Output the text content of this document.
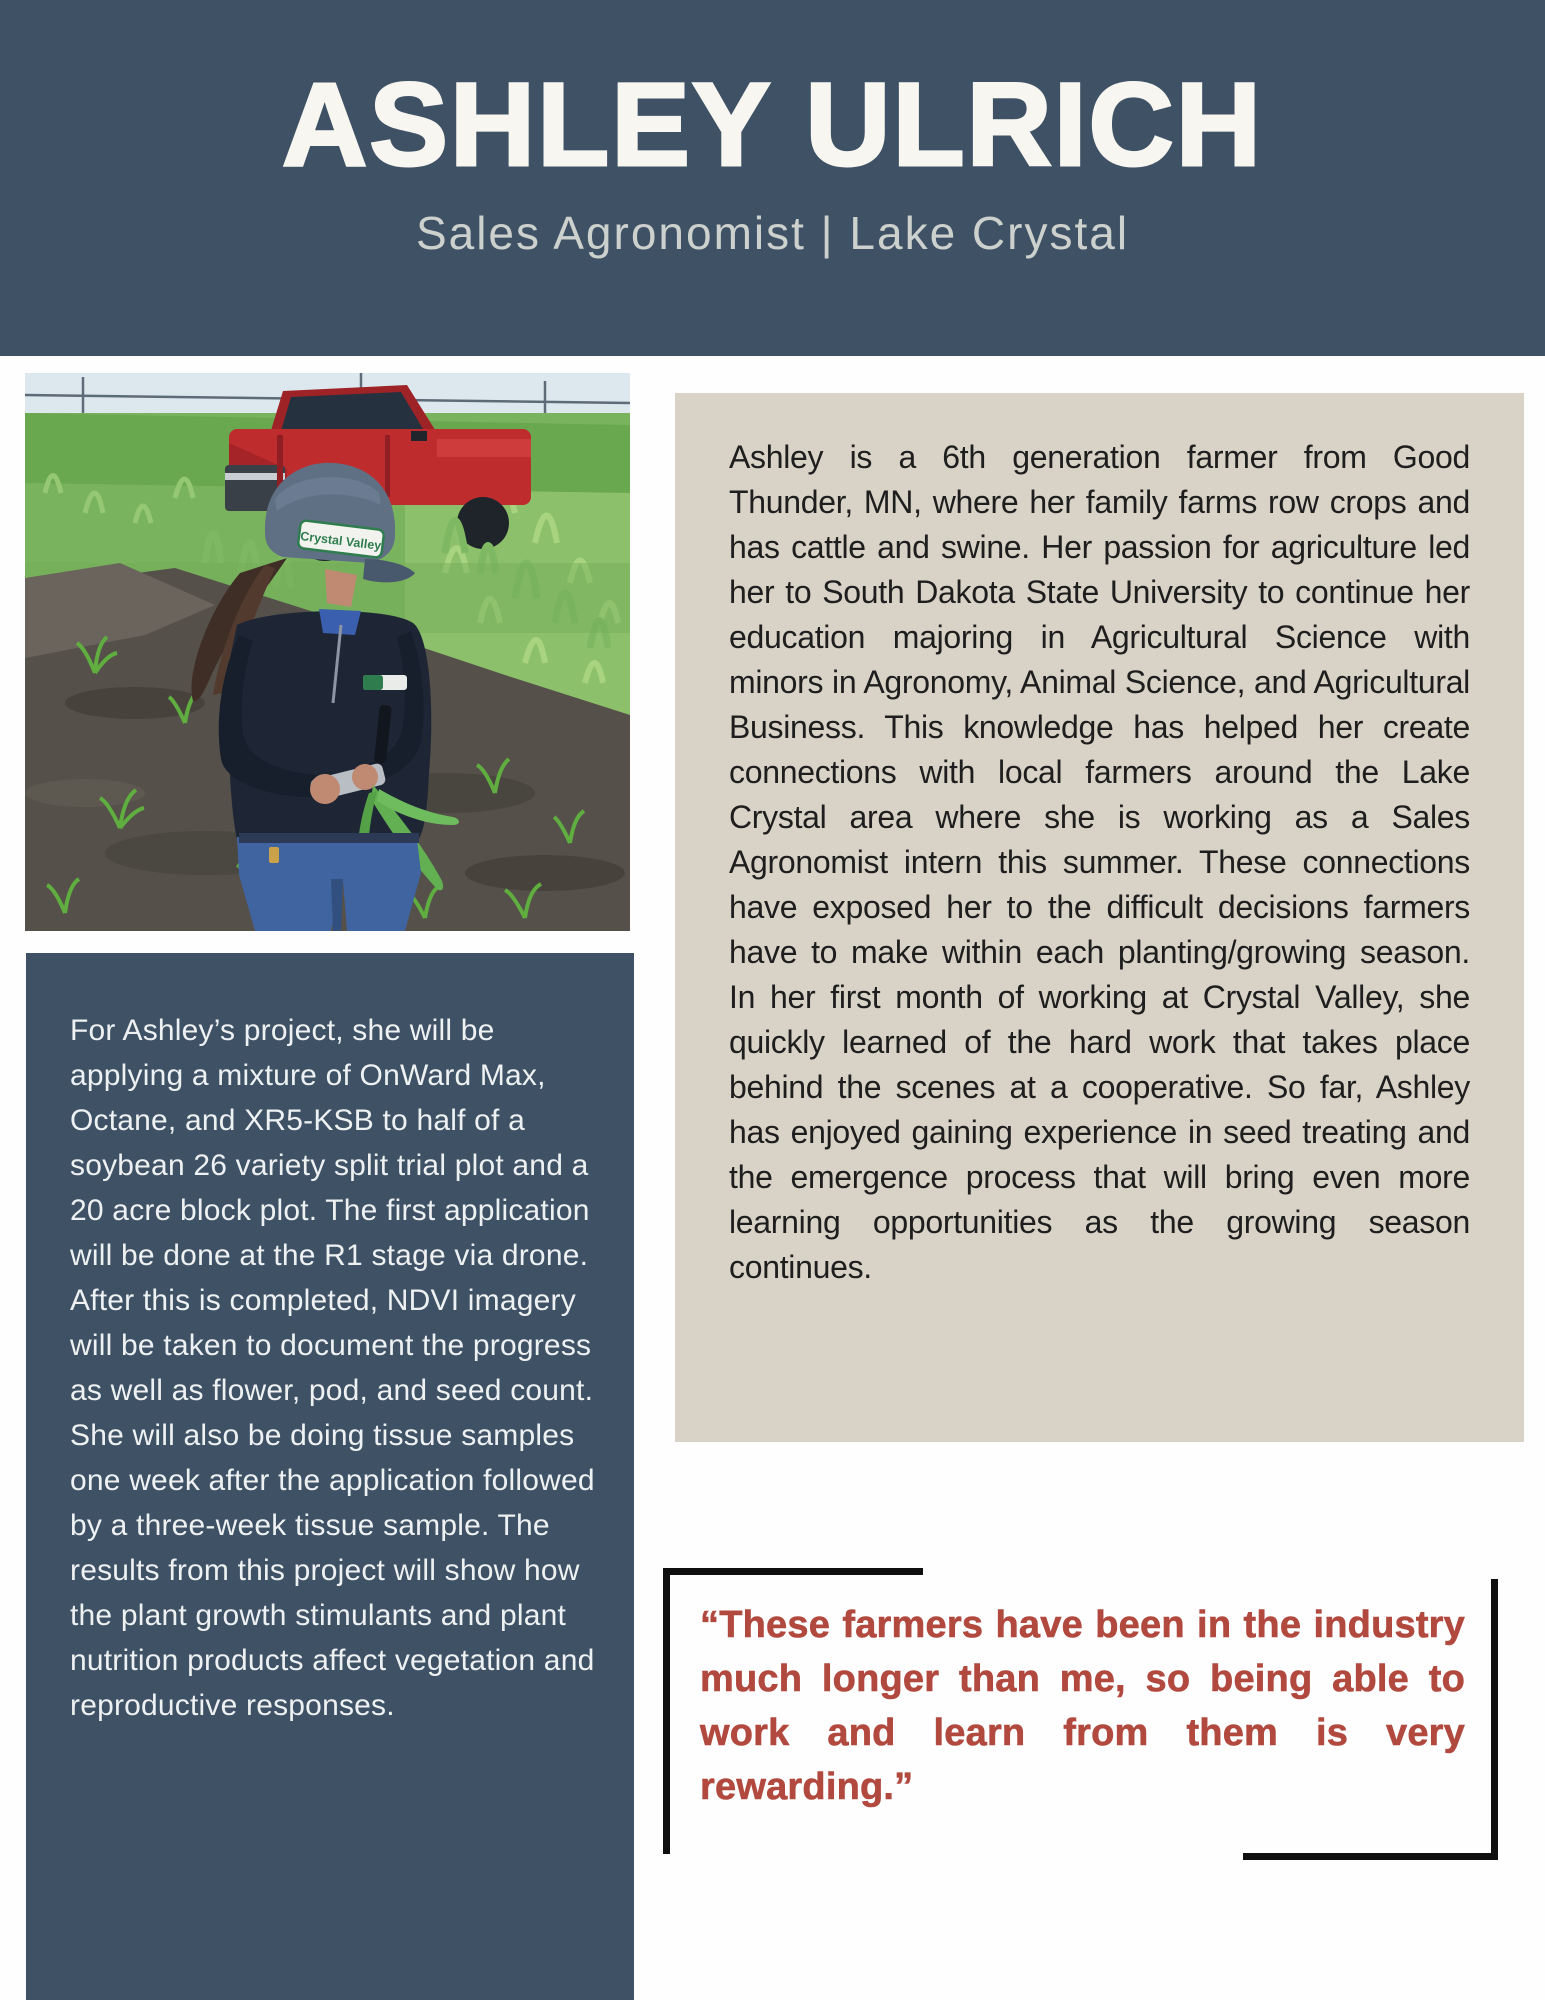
ASHLEY ULRICH
Sales Agronomist | Lake Crystal
Crystal Valley
Ashley is a 6th generation farmer from Good Thunder, MN, where her family farms row crops and has cattle and swine. Her passion for agriculture led her to South Dakota State University to continue her education majoring in Agricultural Science with minors in Agronomy, Animal Science, and Agricultural Business. This knowledge has helped her create connections with local farmers around the Lake Crystal area where she is working as a Sales Agronomist intern this summer. These connections have exposed her to the difficult decisions farmers have to make within each planting/growing season. In her first month of working at Crystal Valley, she quickly learned of the hard work that takes place behind the scenes at a cooperative. So far, Ashley has enjoyed gaining experience in seed treating and the emergence process that will bring even more learning opportunities as the growing season continues.
For Ashley’s project, she will be applying a mixture of OnWard Max, Octane, and XR5-KSB to half of a soybean 26 variety split trial plot and a 20 acre block plot. The first application will be done at the R1 stage via drone. After this is completed, NDVI imagery will be taken to document the progress as well as flower, pod, and seed count. She will also be doing tissue samples one week after the application followed by a three-week tissue sample. The results from this project will show how the plant growth stimulants and plant nutrition products affect vegetation and reproductive responses.
“These farmers have been in the industry much longer than me, so being able to work and learn from them is very rewarding.”
